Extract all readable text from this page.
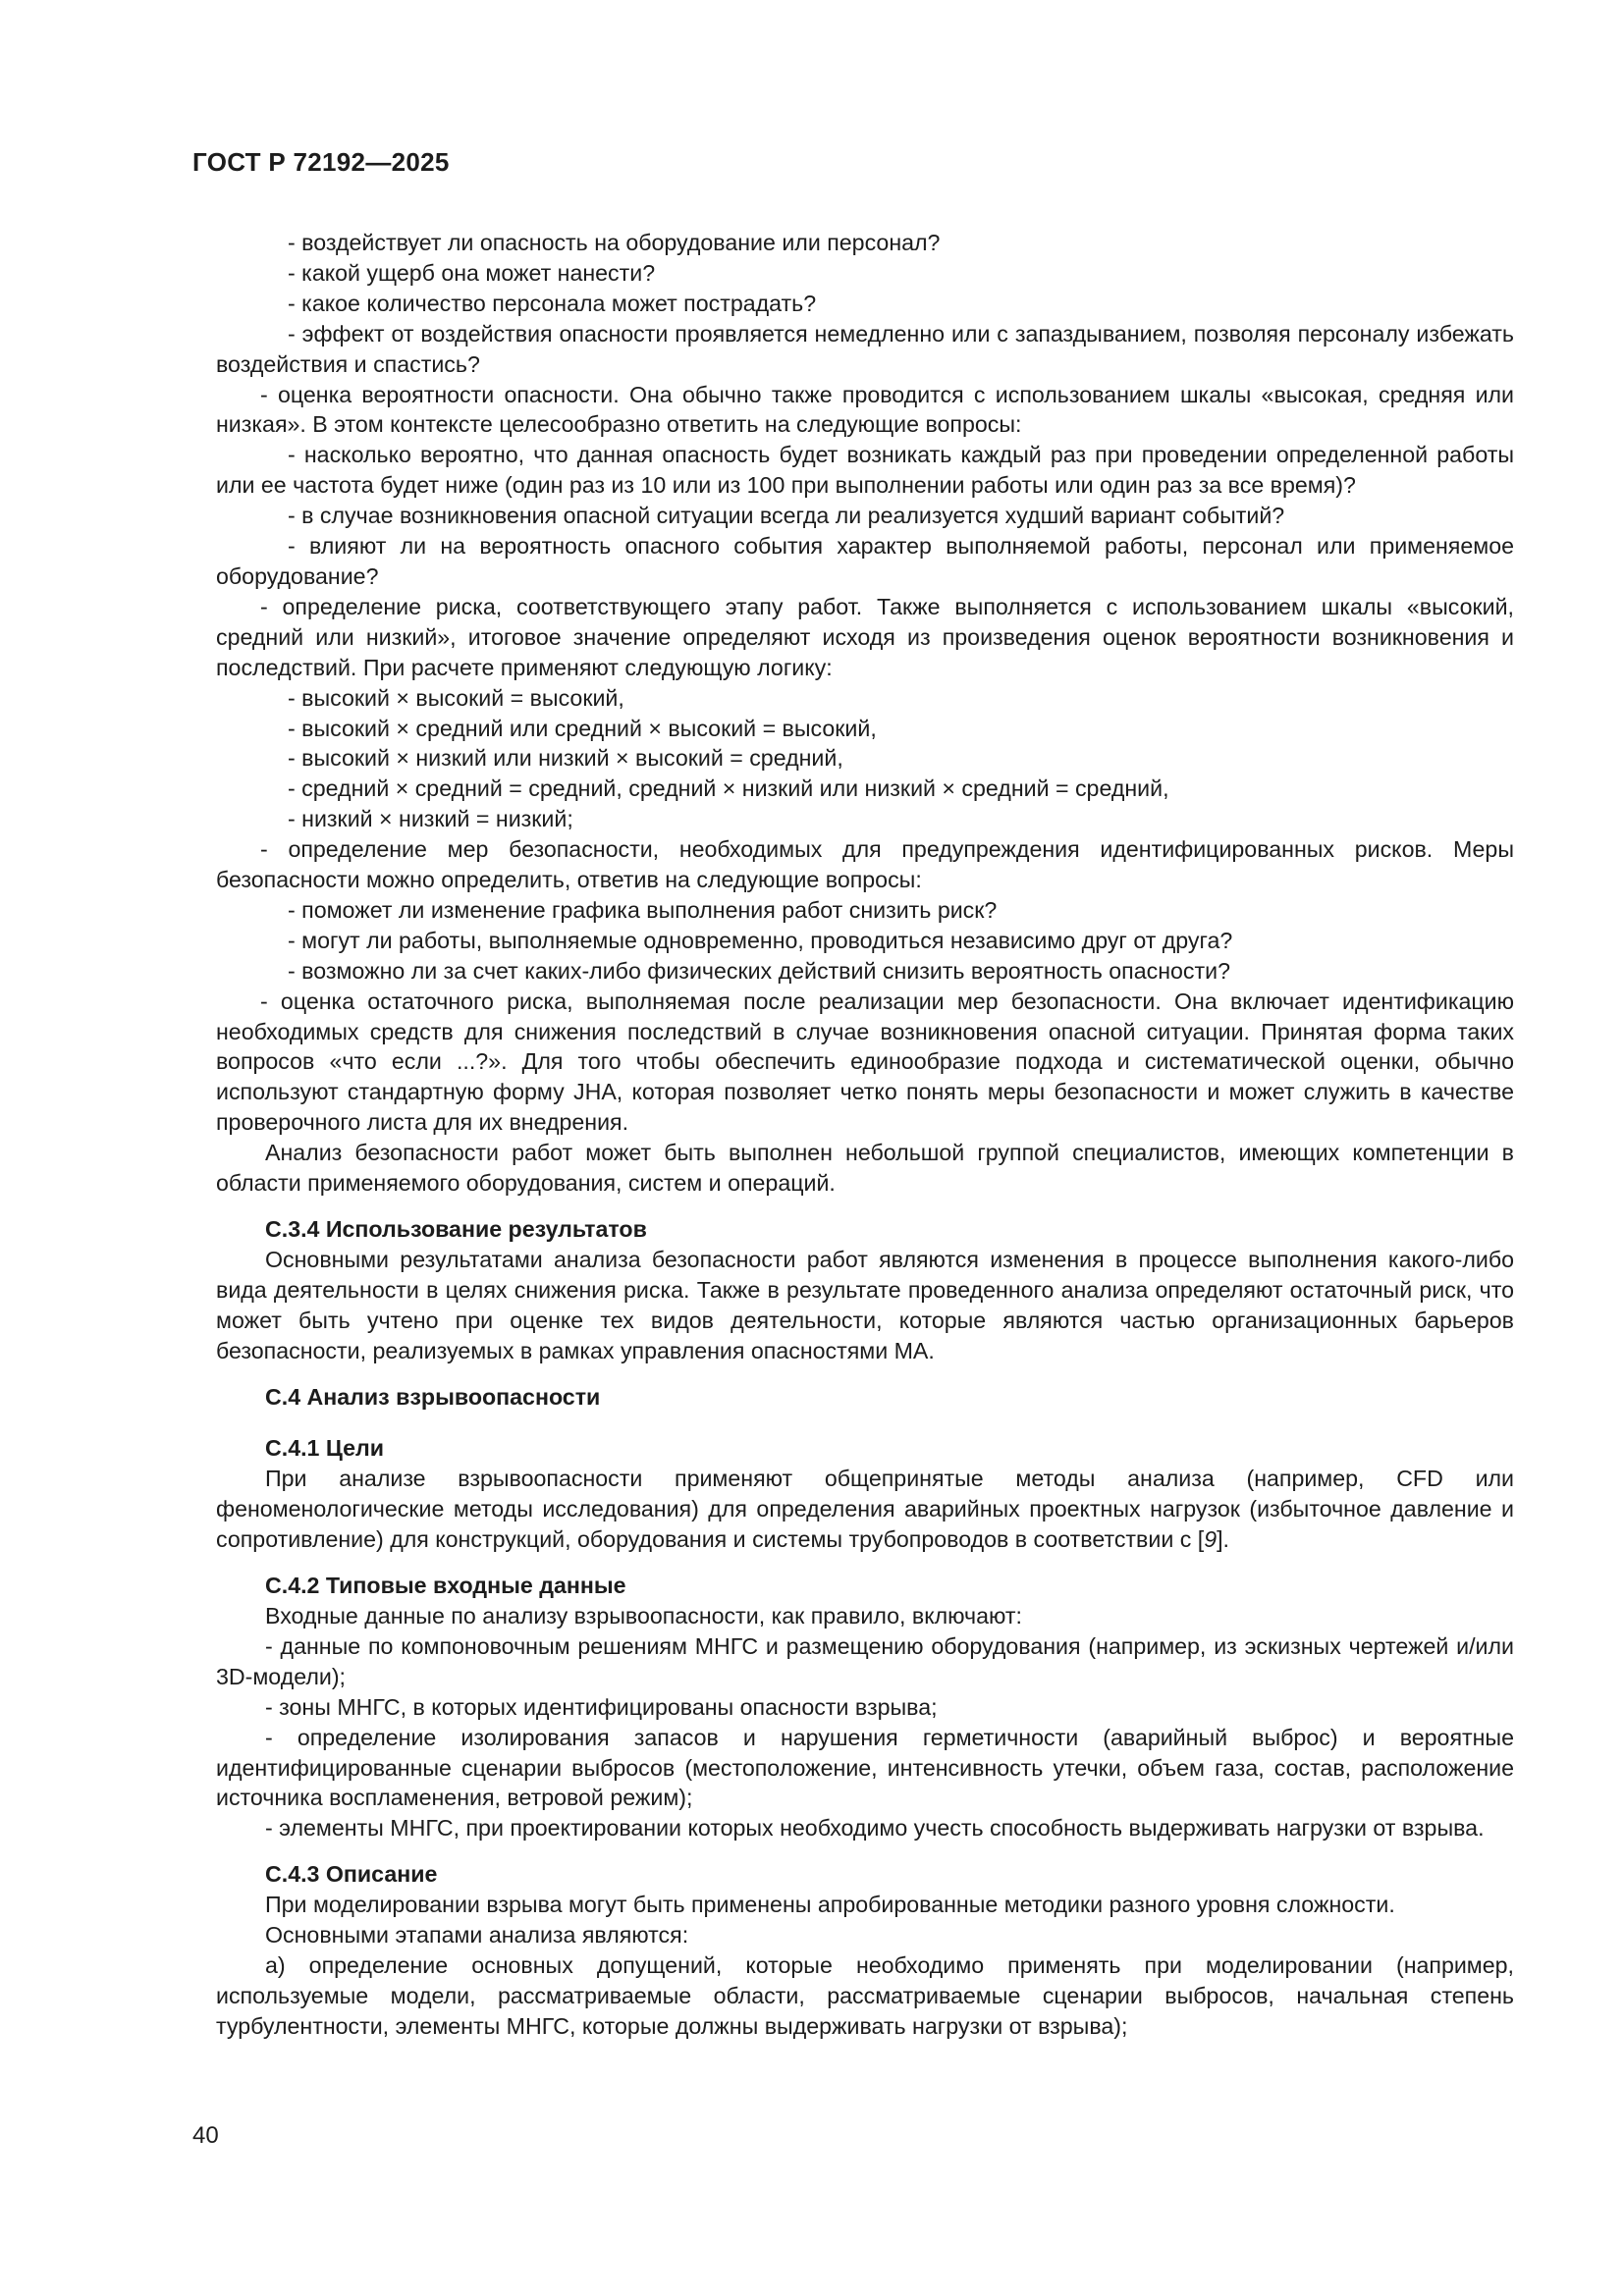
ГОСТ Р 72192—2025

- воздействует ли опасность на оборудование или персонал?

- какой ущерб она может нанести?

- какое количество персонала может пострадать?

- эффект от воздействия опасности проявляется немедленно или с запаздыванием, позволяя персоналу избежать воздействия и спастись?

- оценка вероятности опасности. Она обычно также проводится с использованием шкалы «высокая, средняя или низкая». В этом контексте целесообразно ответить на следующие вопросы:

- насколько вероятно, что данная опасность будет возникать каждый раз при проведении определенной работы или ее частота будет ниже (один раз из 10 или из 100 при выполнении работы или один раз за все время)?

- в случае возникновения опасной ситуации всегда ли реализуется худший вариант событий?

- влияют ли на вероятность опасного события характер выполняемой работы, персонал или применяемое оборудование?

- определение риска, соответствующего этапу работ. Также выполняется с использованием шкалы «высокий, средний или низкий», итоговое значение определяют исходя из произведения оценок вероятности возникновения и последствий. При расчете применяют следующую логику:

- высокий × высокий = высокий,

- высокий × средний или средний × высокий = высокий,

- высокий × низкий или низкий × высокий = средний,

- средний × средний = средний, средний × низкий или низкий × средний = средний,

- низкий × низкий = низкий;

- определение мер безопасности, необходимых для предупреждения идентифицированных рисков. Меры безопасности можно определить, ответив на следующие вопросы:

- поможет ли изменение графика выполнения работ снизить риск?

- могут ли работы, выполняемые одновременно, проводиться независимо друг от друга?

- возможно ли за счет каких-либо физических действий снизить вероятность опасности?

- оценка остаточного риска, выполняемая после реализации мер безопасности. Она включает идентификацию необходимых средств для снижения последствий в случае возникновения опасной ситуации. Принятая форма таких вопросов «что если ...?». Для того чтобы обеспечить единообразие подхода и систематической оценки, обычно используют стандартную форму JHA, которая позволяет четко понять меры безопасности и может служить в качестве проверочного листа для их внедрения.

Анализ безопасности работ может быть выполнен небольшой группой специалистов, имеющих компетенции в области применяемого оборудования, систем и операций.

С.3.4 Использование результатов

Основными результатами анализа безопасности работ являются изменения в процессе выполнения какого-либо вида деятельности в целях снижения риска. Также в результате проведенного анализа определяют остаточный риск, что может быть учтено при оценке тех видов деятельности, которые являются частью организационных барьеров безопасности, реализуемых в рамках управления опасностями МА.

С.4 Анализ взрывоопасности

С.4.1 Цели

При анализе взрывоопасности применяют общепринятые методы анализа (например, CFD или феноменологические методы исследования) для определения аварийных проектных нагрузок (избыточное давление и сопротивление) для конструкций, оборудования и системы трубопроводов в соответствии с [9].

С.4.2 Типовые входные данные

Входные данные по анализу взрывоопасности, как правило, включают:

- данные по компоновочным решениям МНГС и размещению оборудования (например, из эскизных чертежей и/или 3D-модели);

- зоны МНГС, в которых идентифицированы опасности взрыва;

- определение изолирования запасов и нарушения герметичности (аварийный выброс) и вероятные идентифицированные сценарии выбросов (местоположение, интенсивность утечки, объем газа, состав, расположение источника воспламенения, ветровой режим);

- элементы МНГС, при проектировании которых необходимо учесть способность выдерживать нагрузки от взрыва.

С.4.3 Описание

При моделировании взрыва могут быть применены апробированные методики разного уровня сложности.

Основными этапами анализа являются:

а) определение основных допущений, которые необходимо применять при моделировании (например, используемые модели, рассматриваемые области, рассматриваемые сценарии выбросов, начальная степень турбулентности, элементы МНГС, которые должны выдерживать нагрузки от взрыва);

40
